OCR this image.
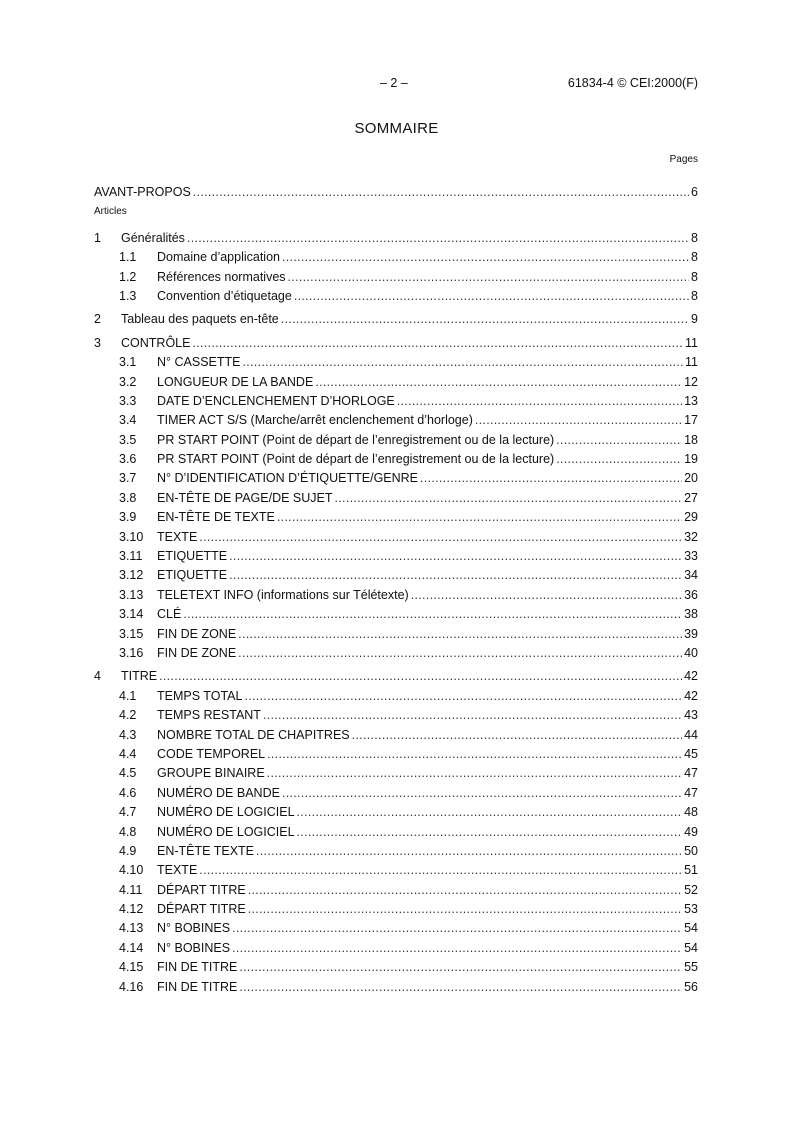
– 2 –	61834-4 © CEI:2000(F)
SOMMAIRE
Pages
AVANT-PROPOS .....	6
Articles
1	Généralités .....	8
1.1	Domaine d’application .....	8
1.2	Références normatives .....	8
1.3	Convention d’étiquetage .....	8
2	Tableau des paquets en-tête .....	9
3	CONTRÔLE .....	11
3.1	N° CASSETTE .....	11
3.2	LONGUEUR DE LA BANDE .....	12
3.3	DATE D’ENCLENCHEMENT D’HORLOGE .....	13
3.4	TIMER ACT S/S (Marche/arrêt enclenchement d’horloge) .....	17
3.5	PR START POINT (Point de départ de l’enregistrement ou de la lecture) .....	18
3.6	PR START POINT (Point de départ de l’enregistrement ou de la lecture) .....	19
3.7	N° D’IDENTIFICATION D’ÉTIQUETTE/GENRE .....	20
3.8	EN-TÊTE DE PAGE/DE SUJET .....	27
3.9	EN-TÊTE DE TEXTE .....	29
3.10	TEXTE .....	32
3.11	ETIQUETTE .....	33
3.12	ETIQUETTE .....	34
3.13	TELETEXT INFO (informations sur Télétexte) .....	36
3.14	CLÉ .....	38
3.15	FIN DE ZONE .....	39
3.16	FIN DE ZONE .....	40
4	TITRE .....	42
4.1	TEMPS TOTAL .....	42
4.2	TEMPS RESTANT .....	43
4.3	NOMBRE TOTAL DE CHAPITRES .....	44
4.4	CODE TEMPOREL .....	45
4.5	GROUPE BINAIRE .....	47
4.6	NUMÉRO DE BANDE .....	47
4.7	NUMÉRO DE LOGICIEL .....	48
4.8	NUMÉRO DE LOGICIEL .....	49
4.9	EN-TÊTE TEXTE .....	50
4.10	TEXTE .....	51
4.11	DÉPART TITRE .....	52
4.12	DÉPART TITRE .....	53
4.13	N° BOBINES .....	54
4.14	N° BOBINES .....	54
4.15	FIN DE TITRE .....	55
4.16	FIN DE TITRE .....	56
